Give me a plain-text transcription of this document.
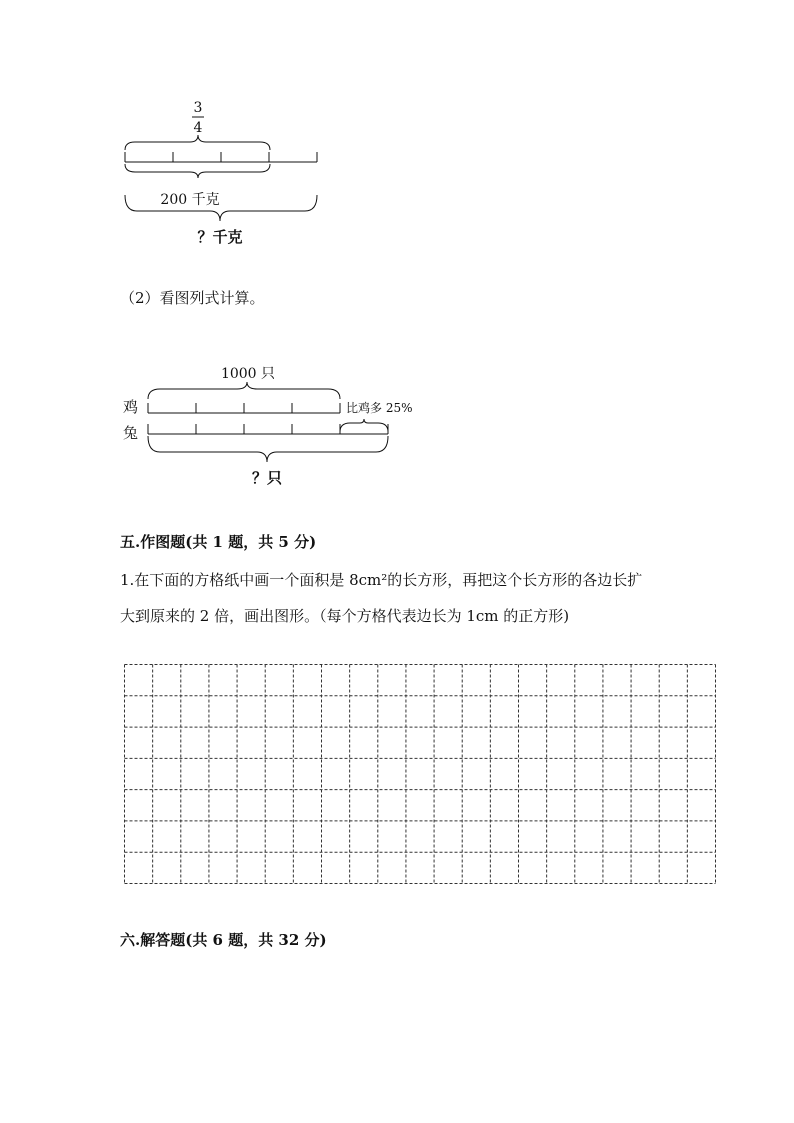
3
4
200 千克
？千克
（2）看图列式计算。
1000 只
鸡
兔
比鸡多 25%
？只
五.作图题(共 1 题，共 5 分)
1.在下面的方格纸中画一个面积是 8cm²的长方形，再把这个长方形的各边长扩
大到原来的 2 倍，画出图形。（每个方格代表边长为 1cm 的正方形)
六.解答题(共 6 题，共 32 分)
